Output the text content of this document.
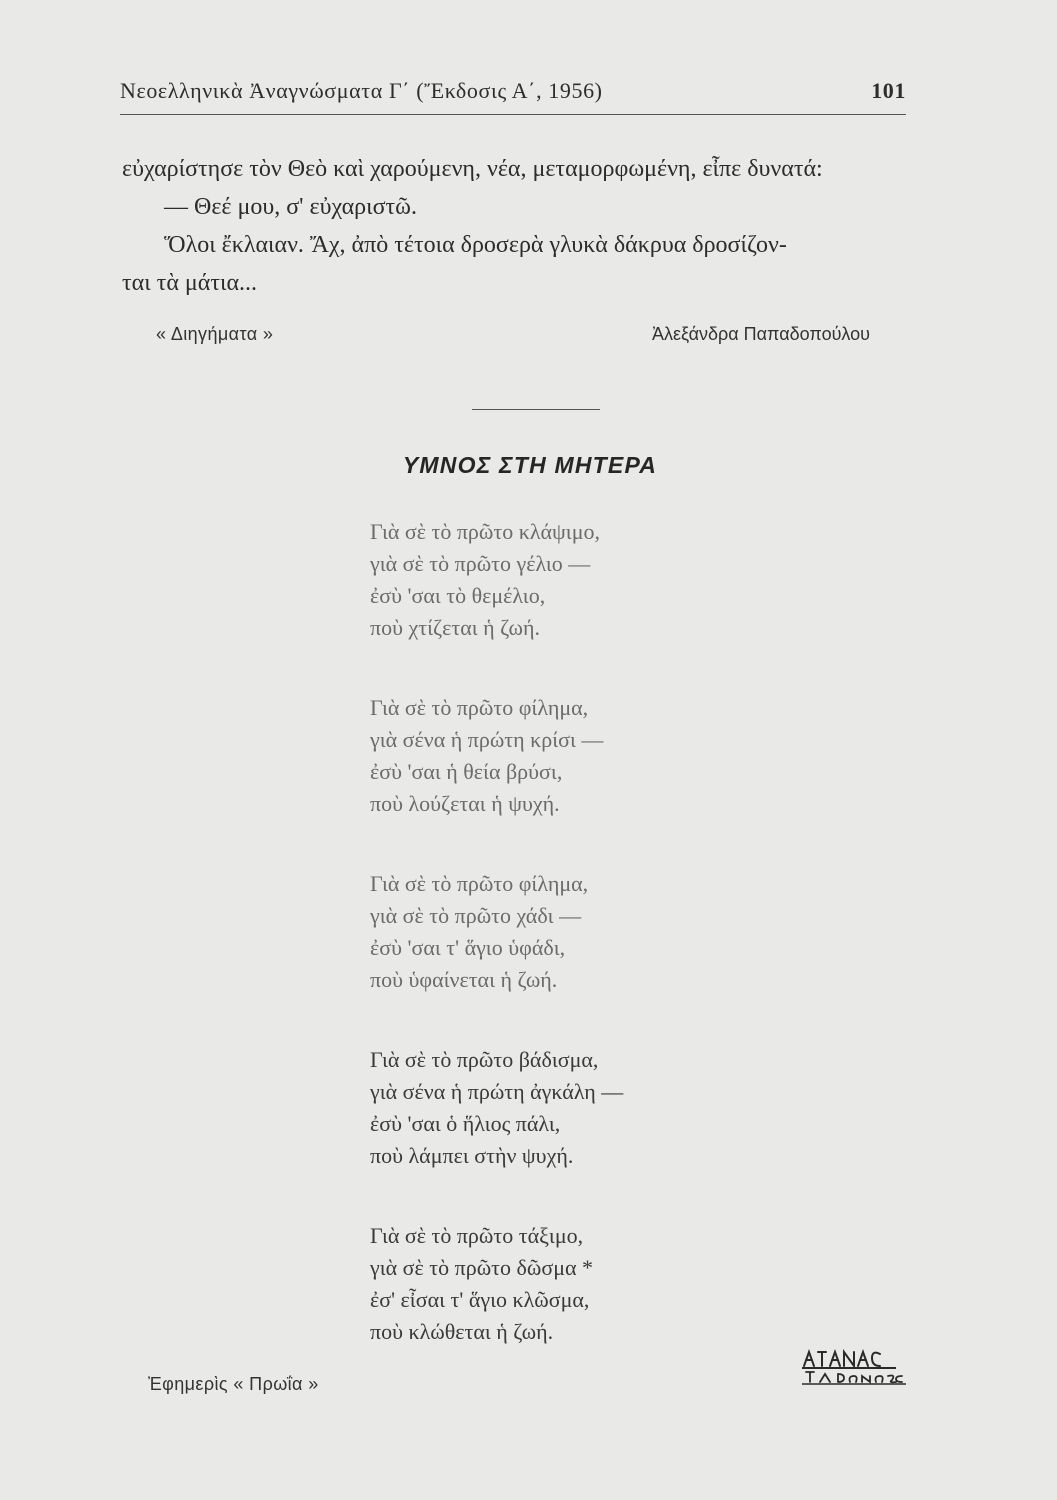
Νεοελληνικὰ Ἀναγνώσματα Γ΄ (Ἔκδοσις Α΄, 1956)	101

εὐχαρίστησε τὸν Θεὸ καὶ χαρούμενη, νέα, μεταμορφωμένη, εἶπε δυνατά:

— Θεέ μου, σ' εὐχαριστῶ.

Ὅλοι ἔκλαιαν. Ἄχ, ἀπὸ τέτοια δροσερὰ γλυκὰ δάκρυα δροσίζον-

ται τὰ μάτια...

« Διηγήματα »	Ἀλεξάνδρα Παπαδοπούλου
ΥΜΝΟΣ ΣΤΗ ΜΗΤΕΡΑ
Γιὰ σὲ τὸ πρῶτο κλάψιμο,
γιὰ σὲ τὸ πρῶτο γέλιο —
ἐσὺ 'σαι τὸ θεμέλιο,
ποὺ χτίζεται ἡ ζωή.
Γιὰ σὲ τὸ πρῶτο φίλημα,
γιὰ σένα ἡ πρώτη κρίσι —
ἐσὺ 'σαι ἡ θεία βρύσι,
ποὺ λούζεται ἡ ψυχή.
Γιὰ σὲ τὸ πρῶτο φίλημα,
γιὰ σὲ τὸ πρῶτο χάδι —
ἐσὺ 'σαι τ' ἅγιο ὑφάδι,
ποὺ ὑφαίνεται ἡ ζωή.
Γιὰ σὲ τὸ πρῶτο βάδισμα,
γιὰ σένα ἡ πρώτη ἀγκάλη —
ἐσὺ 'σαι ὁ ἥλιος πάλι,
ποὺ λάμπει στὴν ψυχή.
Γιὰ σὲ τὸ πρῶτο τάξιμο,
γιὰ σὲ τὸ πρῶτο δῶσμα *
ἐσ' εἶσαι τ' ἅγιο κλῶσμα,
ποὺ κλώθεται ἡ ζωή.
Ἐφημερὶς « Πρωΐα »
